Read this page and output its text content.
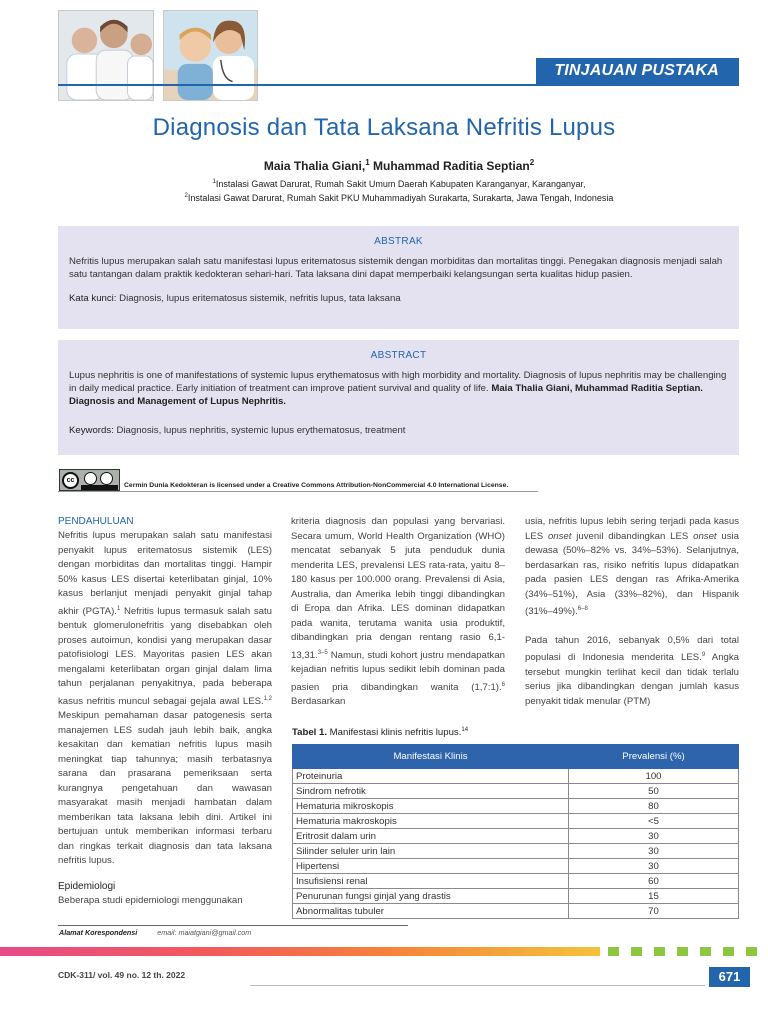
TINJAUAN PUSTAKA
Diagnosis dan Tata Laksana Nefritis Lupus
Maia Thalia Giani,$^1$ Muhammad Raditia Septian$^2$
$^1$Instalasi Gawat Darurat, Rumah Sakit Umum Daerah Kabupaten Karanganyar, Karanganyar,
$^2$Instalasi Gawat Darurat, Rumah Sakit PKU Muhammadiyah Surakarta, Surakarta, Jawa Tengah, Indonesia
ABSTRAK

Nefritis lupus merupakan salah satu manifestasi lupus eritematosus sistemik dengan morbiditas dan mortalitas tinggi. Penegakan diagnosis menjadi salah satu tantangan dalam praktik kedokteran sehari-hari. Tata laksana dini dapat memperbaiki kelangsungan serta kualitas hidup pasien.

Kata kunci: Diagnosis, lupus eritematosus sistemik, nefritis lupus, tata laksana

ABSTRACT

Lupus nephritis is one of manifestations of systemic lupus erythematosus with high morbidity and mortality. Diagnosis of lupus nephritis may be challenging in daily medical practice. Early initiation of treatment can improve patient survival and quality of life. Maia Thalia Giani, Muhammad Raditia Septian. Diagnosis and Management of Lupus Nephritis.

Keywords: Diagnosis, lupus nephritis, systemic lupus erythematosus, treatment

cc
Cermin Dunia Kedokteran is licensed under a Creative Commons Attribution-NonCommercial 4.0 International License.
PENDAHULUAN

Nefritis lupus merupakan salah satu manifestasi penyakit lupus eritematosus sistemik (LES) dengan morbiditas dan mortalitas tinggi. Hampir 50% kasus LES disertai keterlibatan ginjal, 10% kasus berlanjut menjadi penyakit ginjal tahap akhir (PGTA).$^1$ Nefritis lupus termasuk salah satu bentuk glomerulonefritis yang disebabkan oleh proses autoimun, kondisi yang merupakan dasar patofisiologi LES. Mayoritas pasien LES akan mengalami keterlibatan organ ginjal dalam lima tahun perjalanan penyakitnya, pada beberapa kasus nefritis muncul sebagai gejala awal LES.$^{1,2}$ Meskipun pemahaman dasar patogenesis serta manajemen LES sudah jauh lebih baik, angka kesakitan dan kematian nefritis lupus masih meningkat tiap tahunnya; masih terbatasnya sarana dan prasarana pemeriksaan serta kurangnya pengetahuan dan wawasan masyarakat masih menjadi hambatan dalam memberikan tata laksana lebih dini. Artikel ini bertujuan untuk memberikan informasi terbaru dan ringkas terkait diagnosis dan tata laksana nefritis lupus.

Epidemiologi

Beberapa studi epidemiologi menggunakan

kriteria diagnosis dan populasi yang bervariasi. Secara umum, World Health Organization (WHO) mencatat sebanyak 5 juta penduduk dunia menderita LES, prevalensi LES rata-rata, yaitu 8–180 kasus per 100.000 orang. Prevalensi di Asia, Australia, dan Amerika lebih tinggi dibandingkan di Eropa dan Afrika. LES dominan didapatkan pada wanita, terutama wanita usia produktif, dibandingkan pria dengan rentang rasio 6,1-13,31.$^{3-5}$ Namun, studi kohort justru mendapatkan kejadian nefritis lupus sedikit lebih dominan pada pasien pria dibandingkan wanita (1,7:1).$^6$ Berdasarkan

usia, nefritis lupus lebih sering terjadi pada kasus LES onset juvenil dibandingkan LES onset usia dewasa (50%–82% vs. 34%–53%). Selanjutnya, berdasarkan ras, risiko nefritis lupus didapatkan pada pasien LES dengan ras Afrika-Amerika (34%–51%), Asia (33%–82%), dan Hispanik (31%–49%).$^{6-8}$

Pada tahun 2016, sebanyak 0,5% dari total populasi di Indonesia menderita LES.$^9$ Angka tersebut mungkin terlihat kecil dan tidak terlalu serius jika dibandingkan dengan jumlah kasus penyakit tidak menular (PTM)

Tabel 1. Manifestasi klinis nefritis lupus.$^{14}$
Manifestasi Klinis	Prevalensi (%)
Proteinuria	100
Sindrom nefrotik	50
Hematuria mikroskopis	80
Hematuria makroskopis	<5
Eritrosit dalam urin	30
Silinder seluler urin lain	30
Hipertensi	30
Insufisiensi renal	60
Penurunan fungsi ginjal yang drastis	15
Abnormalitas tubuler	70
Alamat Korespondensi	email: maiatgiani@gmail.com
CDK-311/ vol. 49 no. 12 th. 2022	671
